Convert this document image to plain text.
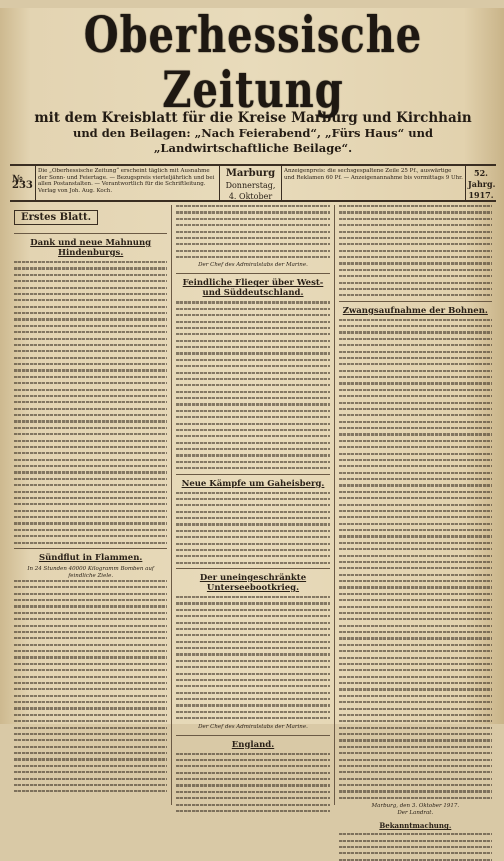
Oberhessische Zeitung
mit dem Kreisblatt für die Kreise Marburg und Kirchhain
und den Beilagen: „Nach Feierabend“, „Fürs Haus“ und „Landwirtschaftliche Beilage“.
№ 233
Die „Oberhessische Zeitung“ erscheint täglich mit Ausnahme der Sonn- und Feiertage. — Bezugspreis vierteljährlich und bei allen Postanstalten. — Verantwortlich für die Schriftleitung. Verlag von Joh. Aug. Koch.
Marburg
Donnerstag, 4. Oktober
Anzeigenpreis: die sechsgespaltene Zeile 25 Pf., auswärtige und Reklamen 60 Pf. — Anzeigenannahme bis vormittags 9 Uhr.	52. Jahrg.
1917.
Erstes Blatt.
Dank und neue Mahnung Hindenburgs.
Sündflut in Flammen.
In 24 Stunden 40000 Kilogramm Bomben auf feindliche Ziele.
Der Chef des Admiralstabs der Marine.
Feindliche Flieger über West- und Süddeutschland.
Neue Kämpfe um Gaheisberg.
Der uneingeschränkte Unterseebootkrieg.
Der Chef des Admiralstabs der Marine.
England.
Zwangsaufnahme der Bohnen.
Marburg, den 3. Oktober 1917.
Der Landrat.
Bekanntmachung.
